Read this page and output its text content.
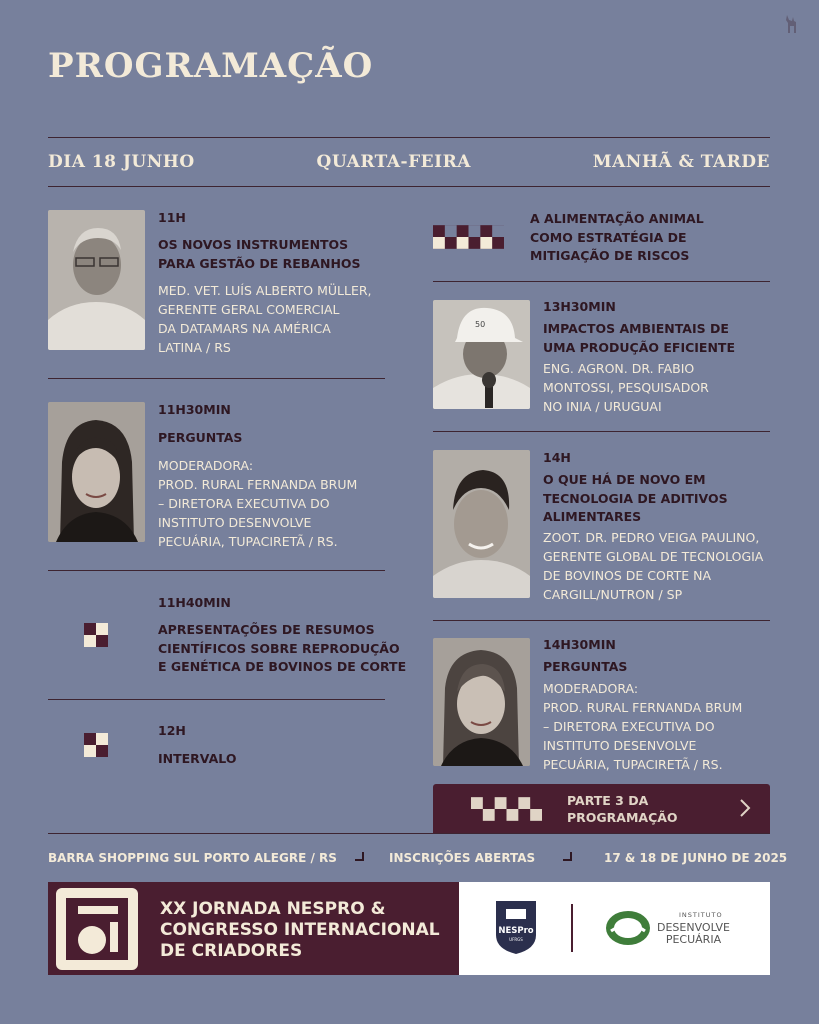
PROGRAMAÇÃO
DIA 18 JUNHO	QUARTA-FEIRA	MANHÃ & TARDE
11H
OS NOVOS INSTRUMENTOS
PARA GESTÃO DE REBANHOS
MED. VET. LUÍS ALBERTO MÜLLER,
GERENTE GERAL COMERCIAL
DA DATAMARS NA AMÉRICA
LATINA / RS
11H30MIN
PERGUNTAS
MODERADORA:
PROD. RURAL FERNANDA BRUM
– DIRETORA EXECUTIVA DO
INSTITUTO DESENVOLVE
PECUÁRIA, TUPACIRETÃ / RS.
11H40MIN
APRESENTAÇÕES DE RESUMOS
CIENTÍFICOS SOBRE REPRODUÇÃO
E GENÉTICA DE BOVINOS DE CORTE
12H
INTERVALO
A ALIMENTAÇÃO ANIMAL
COMO ESTRATÉGIA DE
MITIGAÇÃO DE RISCOS
50
13H30MIN
IMPACTOS AMBIENTAIS DE
UMA PRODUÇÃO EFICIENTE
ENG. AGRON. DR. FABIO
MONTOSSI, PESQUISADOR
NO INIA / URUGUAI
14H
O QUE HÁ DE NOVO EM
TECNOLOGIA DE ADITIVOS
ALIMENTARES
ZOOT. DR. PEDRO VEIGA PAULINO,
GERENTE GLOBAL DE TECNOLOGIA
DE BOVINOS DE CORTE NA
CARGILL/NUTRON / SP
14H30MIN
PERGUNTAS
MODERADORA:
PROD. RURAL FERNANDA BRUM
– DIRETORA EXECUTIVA DO
INSTITUTO DESENVOLVE
PECUÁRIA, TUPACIRETÃ / RS.
PARTE 3 DA
PROGRAMAÇÃO
BARRA SHOPPING SUL PORTO ALEGRE / RS	INSCRIÇÕES ABERTAS	17 & 18 DE JUNHO DE 2025
XX JORNADA NESPRO &
CONGRESSO INTERNACIONAL
DE CRIADORES
NESPro
UFRGS
INSTITUTO
DESENVOLVE
PECUÁRIA
